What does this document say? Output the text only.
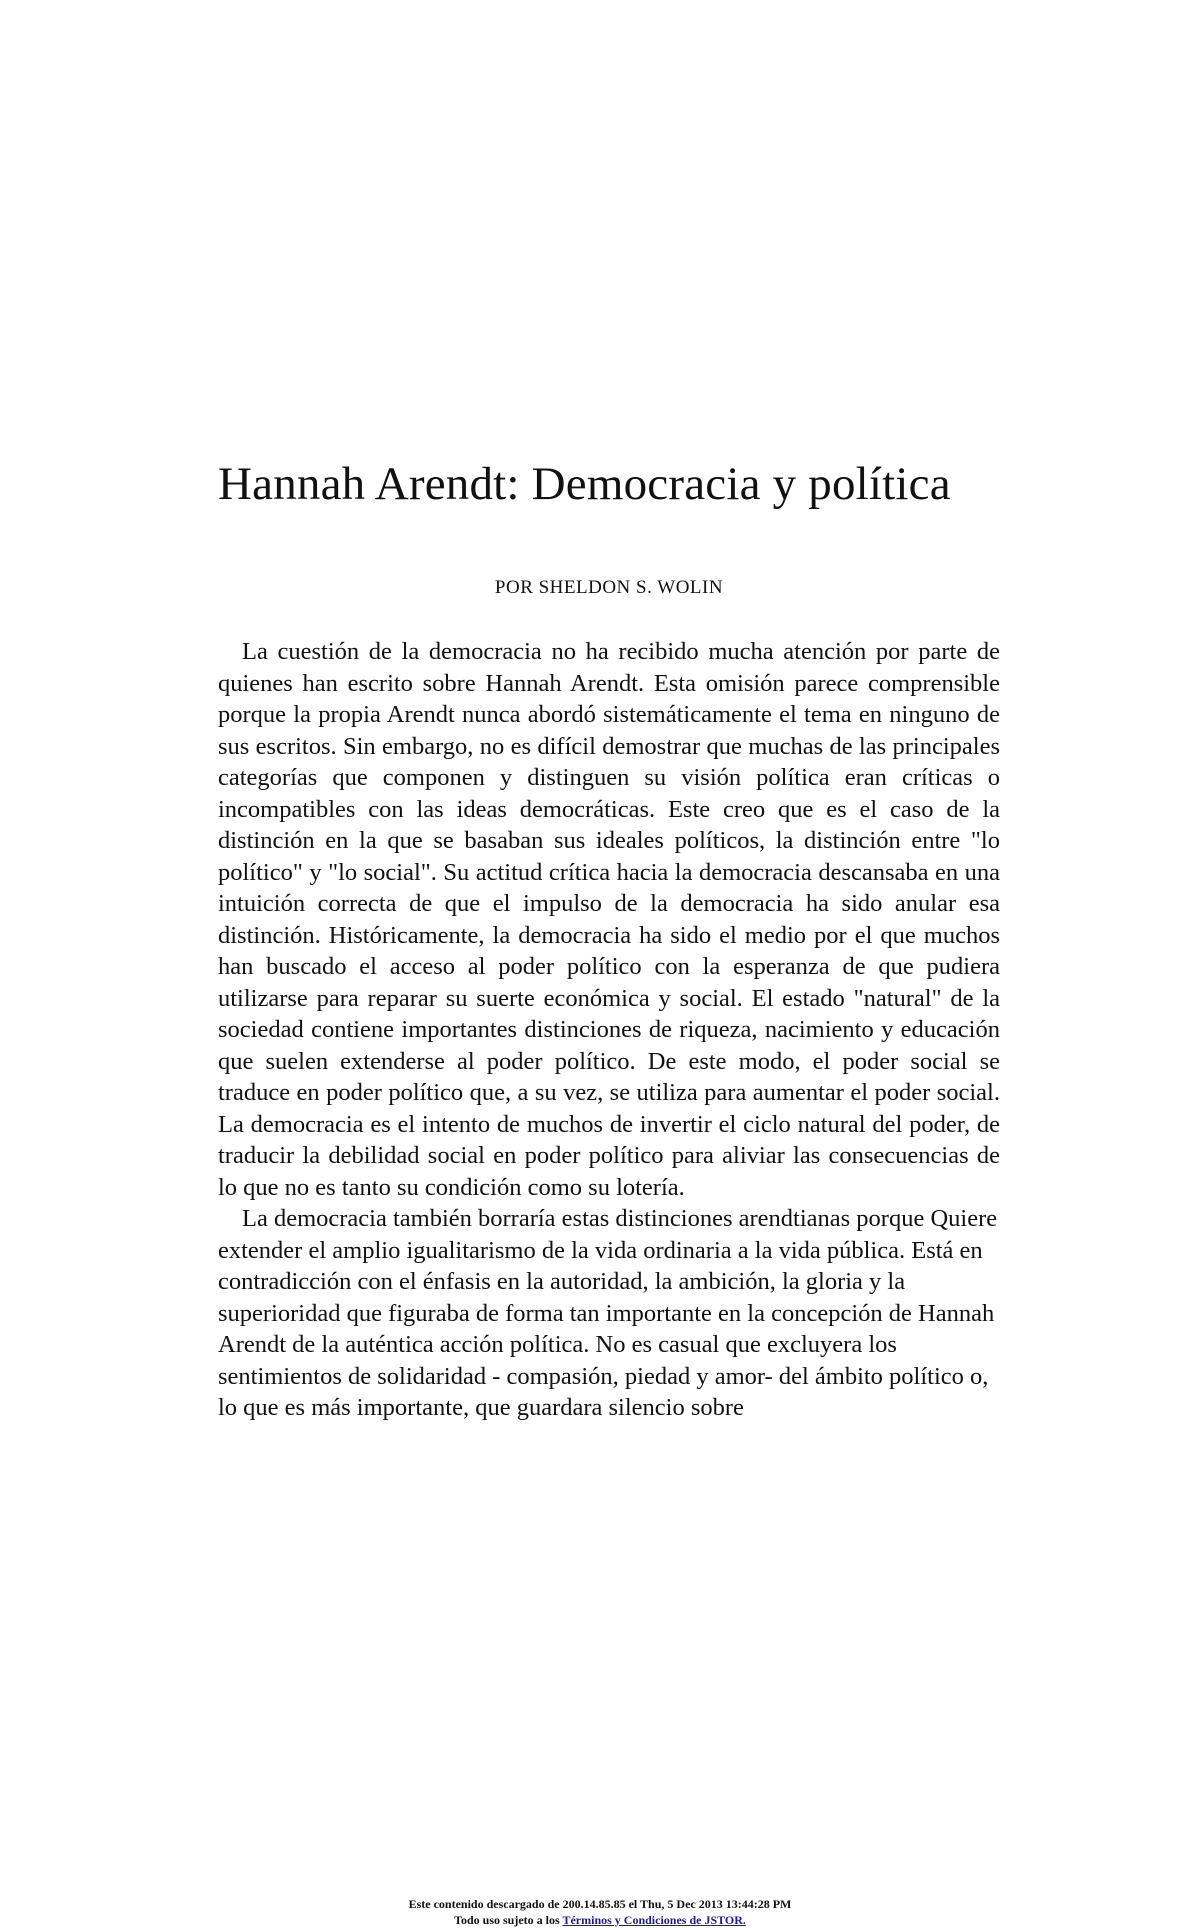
Hannah Arendt: Democracia y política

POR SHELDON S. WOLIN

La cuestión de la democracia no ha recibido mucha atención por parte de quienes han escrito sobre Hannah Arendt. Esta omisión parece comprensible porque la propia Arendt nunca abordó sistemáticamente el tema en ninguno de sus escritos. Sin embargo, no es difícil demostrar que muchas de las principales categorías que componen y distinguen su visión política eran críticas o incompatibles con las ideas democráticas. Este creo que es el caso de la distinción en la que se basaban sus ideales políticos, la distinción entre "lo político" y "lo social". Su actitud crítica hacia la democracia descansaba en una intuición correcta de que el impulso de la democracia ha sido anular esa distinción. Históricamente, la democracia ha sido el medio por el que muchos han buscado el acceso al poder político con la esperanza de que pudiera utilizarse para reparar su suerte económica y social. El estado "natural" de la sociedad contiene importantes distinciones de riqueza, nacimiento y educación que suelen extenderse al poder político. De este modo, el poder social se traduce en poder político que, a su vez, se utiliza para aumentar el poder social. La democracia es el intento de muchos de invertir el ciclo natural del poder, de traducir la debilidad social en poder político para aliviar las consecuencias de lo que no es tanto su condición como su lotería.

La democracia también borraría estas distinciones arendtianas porque Quiere extender el amplio igualitarismo de la vida ordinaria a la vida pública. Está en contradicción con el énfasis en la autoridad, la ambición, la gloria y la superioridad que figuraba de forma tan importante en la concepción de Hannah Arendt de la auténtica acción política. No es casual que excluyera los sentimientos de solidaridad - compasión, piedad y amor- del ámbito político o, lo que es más importante, que guardara silencio sobre

Este contenido descargado de 200.14.85.85 el Thu, 5 Dec 2013 13:44:28 PM
Todo uso sujeto a los Términos y Condiciones de JSTOR.
